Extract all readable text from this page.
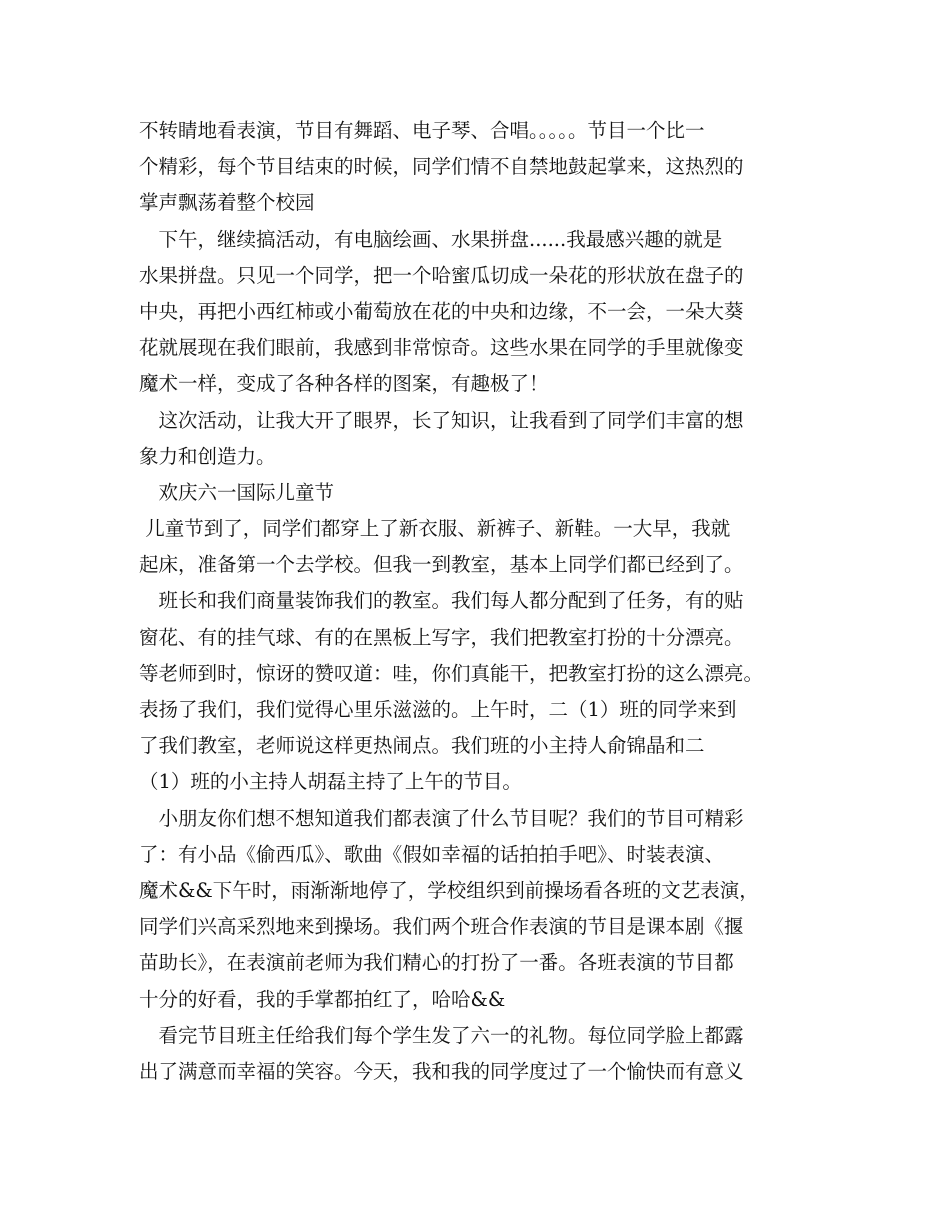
不转睛地看表演，节目有舞蹈、电子琴、合唱。。。。。节目一个比一
个精彩，每个节目结束的时候，同学们情不自禁地鼓起掌来，这热烈的
掌声飘荡着整个校园
　下午，继续搞活动，有电脑绘画、水果拼盘......我最感兴趣的就是
水果拼盘。只见一个同学，把一个哈蜜瓜切成一朵花的形状放在盘子的
中央，再把小西红柿或小葡萄放在花的中央和边缘，不一会，一朵大葵
花就展现在我们眼前，我感到非常惊奇。这些水果在同学的手里就像变
魔术一样，变成了各种各样的图案，有趣极了！
　这次活动，让我大开了眼界，长了知识，让我看到了同学们丰富的想
象力和创造力。
　欢庆六一国际儿童节
儿童节到了，同学们都穿上了新衣服、新裤子、新鞋。一大早，我就
起床，准备第一个去学校。但我一到教室，基本上同学们都已经到了。
　班长和我们商量装饰我们的教室。我们每人都分配到了任务，有的贴
窗花、有的挂气球、有的在黑板上写字，我们把教室打扮的十分漂亮。
等老师到时，惊讶的赞叹道：哇，你们真能干，把教室打扮的这么漂亮。
表扬了我们，我们觉得心里乐滋滋的。上午时，二（1）班的同学来到
了我们教室，老师说这样更热闹点。我们班的小主持人俞锦晶和二
（1）班的小主持人胡磊主持了上午的节目。
　小朋友你们想不想知道我们都表演了什么节目呢？我们的节目可精彩
了：有小品《偷西瓜》、歌曲《假如幸福的话拍拍手吧》、时装表演、
魔术&&下午时，雨渐渐地停了，学校组织到前操场看各班的文艺表演，
同学们兴高采烈地来到操场。我们两个班合作表演的节目是课本剧《揠
苗助长》，在表演前老师为我们精心的打扮了一番。各班表演的节目都
十分的好看，我的手掌都拍红了，哈哈&&
　看完节目班主任给我们每个学生发了六一的礼物。每位同学脸上都露
出了满意而幸福的笑容。今天，我和我的同学度过了一个愉快而有意义
